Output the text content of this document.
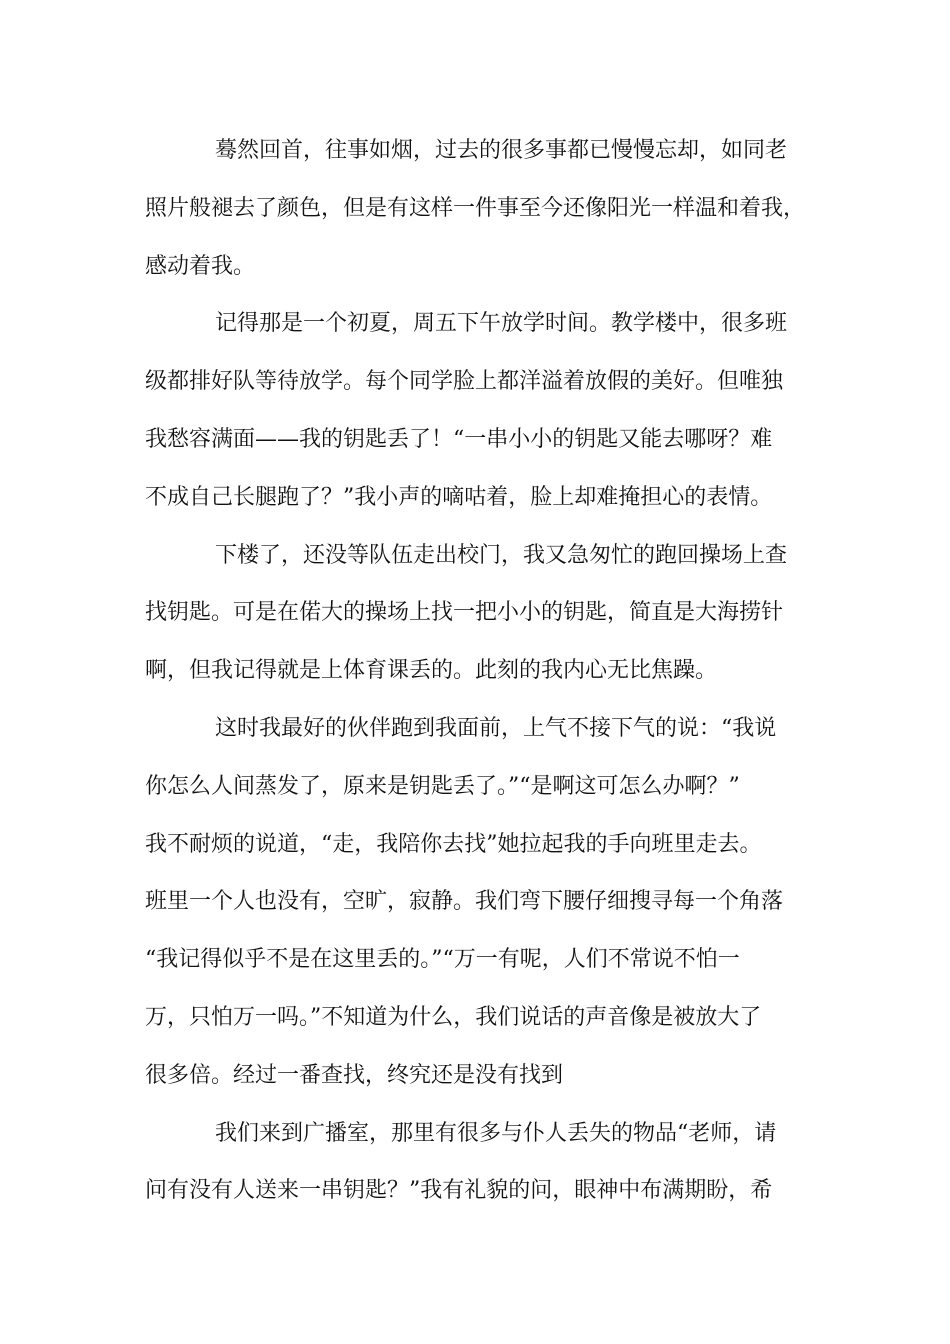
蓦然回首，往事如烟，过去的很多事都已慢慢忘却，如同老
照片般褪去了颜色，但是有这样一件事至今还像阳光一样温和着我，
感动着我。
记得那是一个初夏，周五下午放学时间。教学楼中，很多班
级都排好队等待放学。每个同学脸上都洋溢着放假的美好。但唯独
我愁容满面——我的钥匙丢了！“一串小小的钥匙又能去哪呀？难
不成自己长腿跑了？”我小声的嘀咕着，脸上却难掩担心的表情。
下楼了，还没等队伍走出校门，我又急匆忙的跑回操场上查
找钥匙。可是在偌大的操场上找一把小小的钥匙，简直是大海捞针
啊，但我记得就是上体育课丢的。此刻的我内心无比焦躁。
这时我最好的伙伴跑到我面前，上气不接下气的说：“我说
你怎么人间蒸发了，原来是钥匙丢了。”“是啊这可怎么办啊？”
我不耐烦的说道，“走，我陪你去找”她拉起我的手向班里走去。
班里一个人也没有，空旷，寂静。我们弯下腰仔细搜寻每一个角落
“我记得似乎不是在这里丢的。”“万一有呢，人们不常说不怕一
万，只怕万一吗。”不知道为什么，我们说话的声音像是被放大了
很多倍。经过一番查找，终究还是没有找到
我们来到广播室，那里有很多与仆人丢失的物品“老师，请
问有没有人送来一串钥匙？”我有礼貌的问，眼神中布满期盼，希
